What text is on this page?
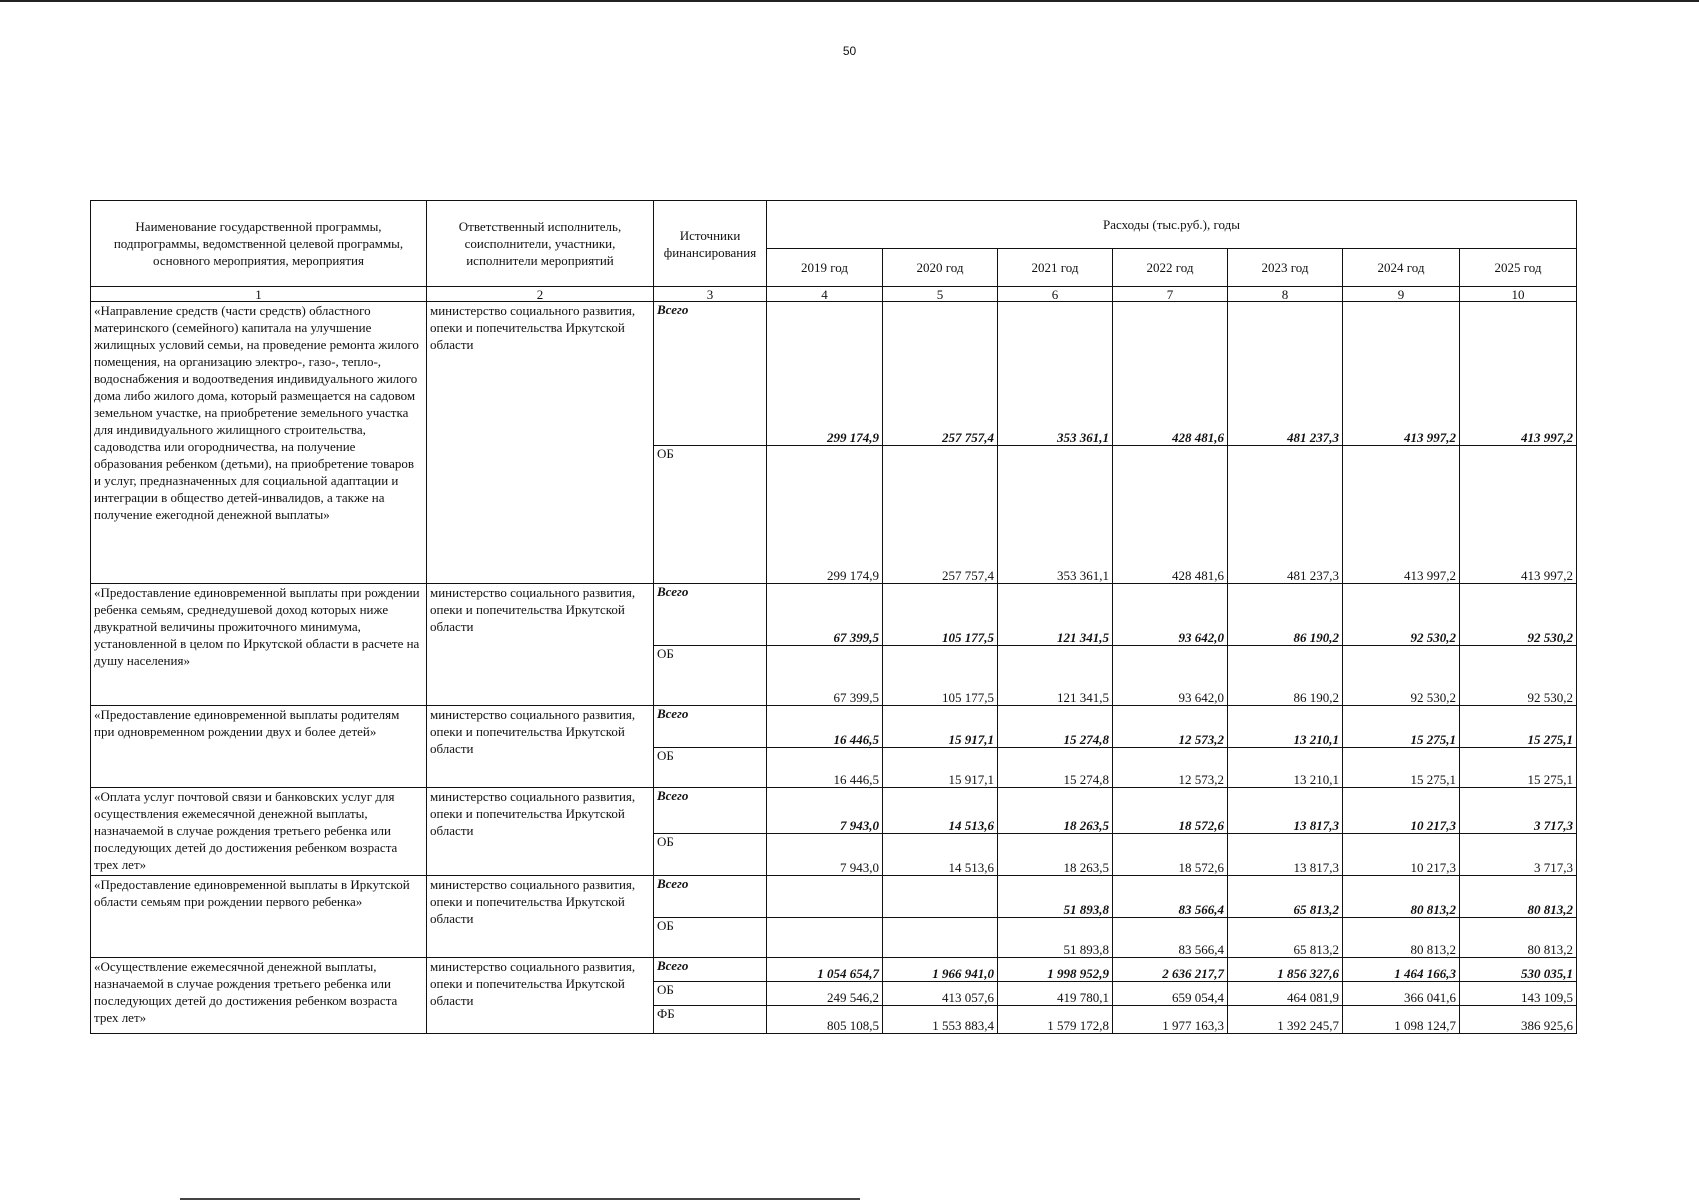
50
Наименование государственной программы, подпрограммы, ведомственной целевой программы, основного мероприятия, мероприятия	Ответственный исполнитель, соисполнители, участники, исполнители мероприятий	Источники финансирования	Расходы (тыс.руб.), годы						
			2019 год	2020 год	2021 год	2022 год	2023 год	2024 год	2025 год
1	2	3	4	5	6	7	8	9	10
«Направление средств (части средств) областного материнского (семейного) капитала на улучшение жилищных условий семьи, на проведение ремонта жилого помещения, на организацию электро-, газо-, тепло-, водоснабжения и водоотведения индивидуального жилого дома либо жилого дома, который размещается на садовом земельном участке, на приобретение земельного участка для индивидуального жилищного строительства, садоводства или огородничества, на получение образования ребенком (детьми), на приобретение товаров и услуг, предназначенных для социальной адаптации и интеграции в общество детей-инвалидов, а также на получение ежегодной денежной выплаты»	министерство социального развития, опеки и попечительства Иркутской области	Всего	299 174,9	257 757,4	353 361,1	428 481,6	481 237,3	413 997,2	413 997,2
		ОБ	299 174,9	257 757,4	353 361,1	428 481,6	481 237,3	413 997,2	413 997,2
«Предоставление единовременной выплаты при рождении ребенка семьям, среднедушевой доход которых ниже двукратной величины прожиточного минимума, установленной в целом по Иркутской области в расчете на душу населения»	министерство социального развития, опеки и попечительства Иркутской области	Всего	67 399,5	105 177,5	121 341,5	93 642,0	86 190,2	92 530,2	92 530,2
		ОБ	67 399,5	105 177,5	121 341,5	93 642,0	86 190,2	92 530,2	92 530,2
«Предоставление единовременной выплаты родителям при одновременном рождении двух и более детей»	министерство социального развития, опеки и попечительства Иркутской области	Всего	16 446,5	15 917,1	15 274,8	12 573,2	13 210,1	15 275,1	15 275,1
		ОБ	16 446,5	15 917,1	15 274,8	12 573,2	13 210,1	15 275,1	15 275,1
«Оплата услуг почтовой связи и банковских услуг для осуществления ежемесячной денежной выплаты, назначаемой в случае рождения третьего ребенка или последующих детей до достижения ребенком возраста трех лет»	министерство социального развития, опеки и попечительства Иркутской области	Всего	7 943,0	14 513,6	18 263,5	18 572,6	13 817,3	10 217,3	3 717,3
		ОБ	7 943,0	14 513,6	18 263,5	18 572,6	13 817,3	10 217,3	3 717,3
«Предоставление единовременной выплаты в Иркутской области семьям при рождении первого ребенка»	министерство социального развития, опеки и попечительства Иркутской области	Всего			51 893,8	83 566,4	65 813,2	80 813,2	80 813,2
		ОБ			51 893,8	83 566,4	65 813,2	80 813,2	80 813,2
«Осуществление ежемесячной денежной выплаты, назначаемой в случае рождения третьего ребенка или последующих детей до достижения ребенком возраста трех лет»	министерство социального развития, опеки и попечительства Иркутской области	Всего	1 054 654,7	1 966 941,0	1 998 952,9	2 636 217,7	1 856 327,6	1 464 166,3	530 035,1
		ОБ	249 546,2	413 057,6	419 780,1	659 054,4	464 081,9	366 041,6	143 109,5
		ФБ	805 108,5	1 553 883,4	1 579 172,8	1 977 163,3	1 392 245,7	1 098 124,7	386 925,6
